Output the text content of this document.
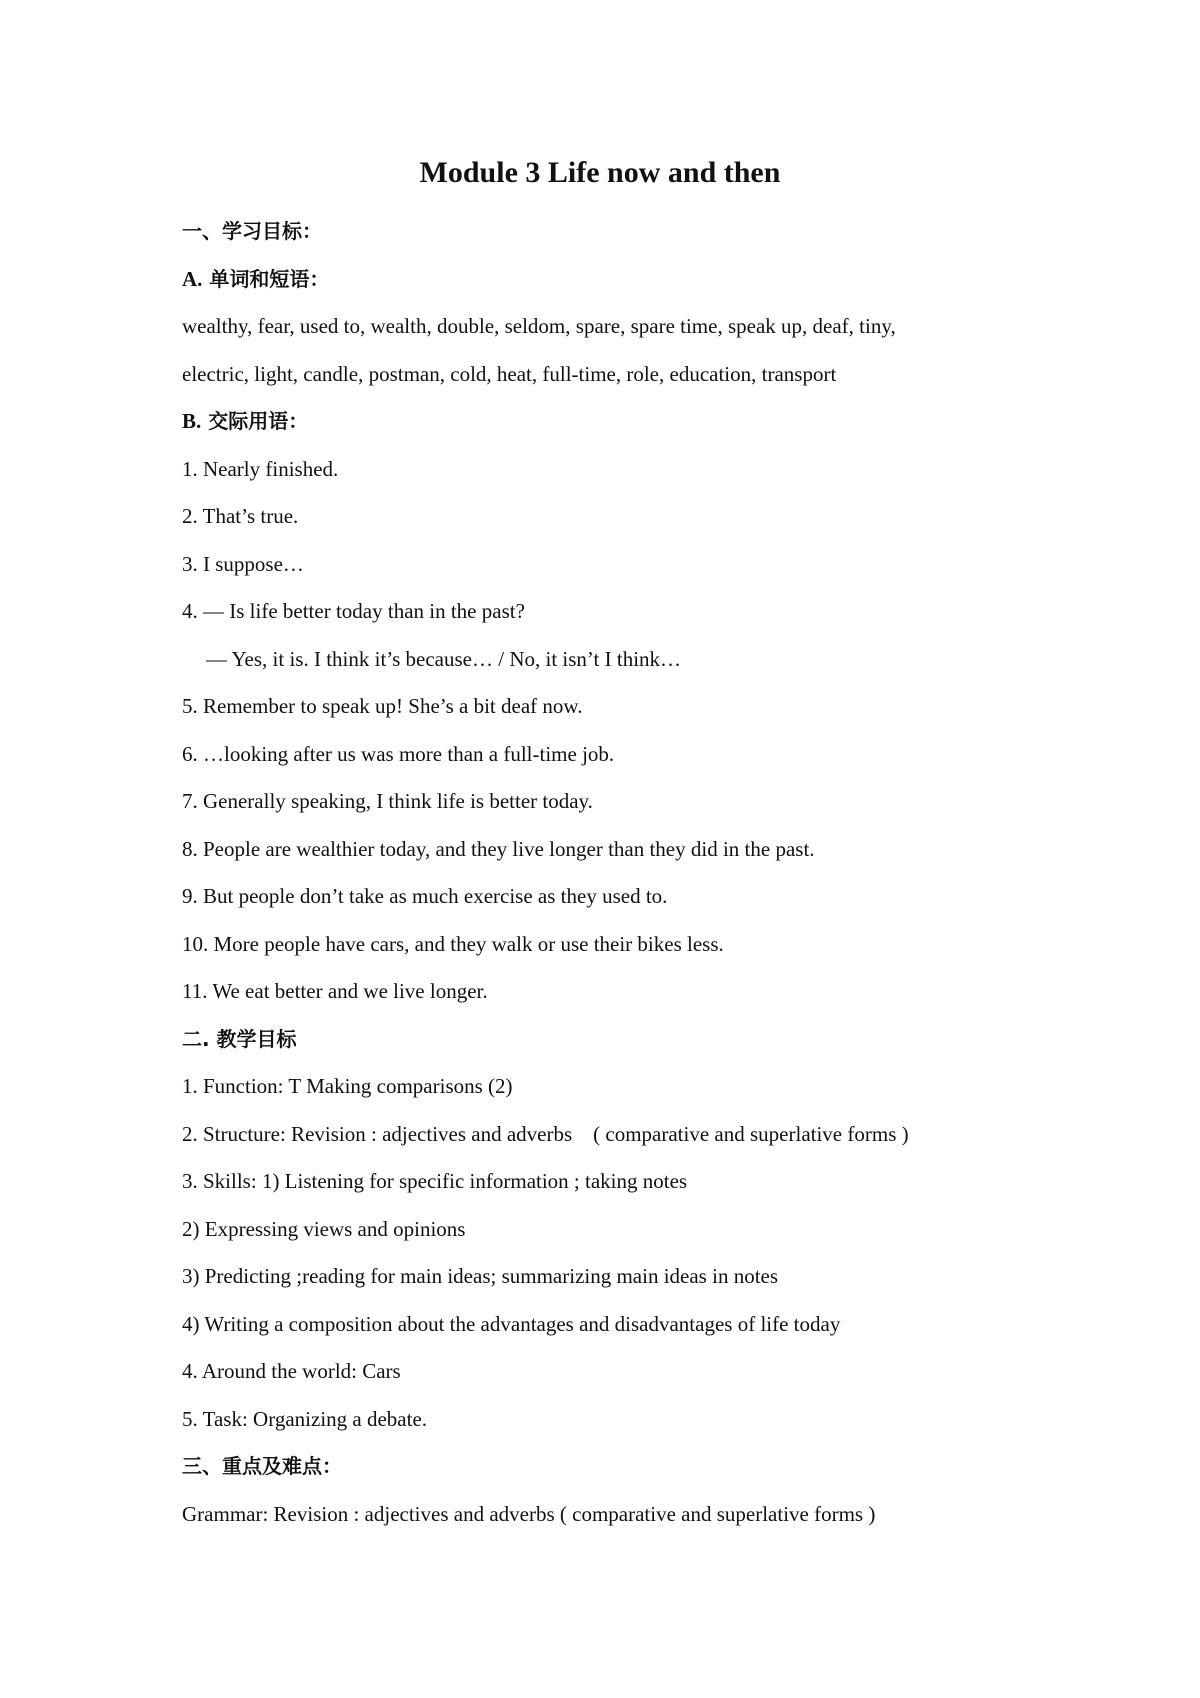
Module 3 Life now and then
一、学习目标：
A. 单词和短语：
wealthy, fear, used to, wealth, double, seldom, spare, spare time, speak up, deaf, tiny,
electric, light, candle, postman, cold, heat, full-time, role, education, transport
B. 交际用语：
1. Nearly finished.
2. That’s true.
3. I suppose…
4. — Is life better today than in the past?
— Yes, it is. I think it’s because… / No, it isn’t I think…
5. Remember to speak up! She’s a bit deaf now.
6. …looking after us was more than a full-time job.
7. Generally speaking, I think life is better today.
8. People are wealthier today, and they live longer than they did in the past.
9. But people don’t take as much exercise as they used to.
10. More people have cars, and they walk or use their bikes less.
11. We eat better and we live longer.
二. 教学目标
1. Function: T Making comparisons (2)
2. Structure: Revision : adjectives and adverbs    ( comparative and superlative forms )
3. Skills: 1) Listening for specific information ; taking notes
2) Expressing views and opinions
3) Predicting ;reading for main ideas; summarizing main ideas in notes
4) Writing a composition about the advantages and disadvantages of life today
4. Around the world: Cars
5. Task: Organizing a debate.
三、重点及难点：
Grammar: Revision : adjectives and adverbs ( comparative and superlative forms )
